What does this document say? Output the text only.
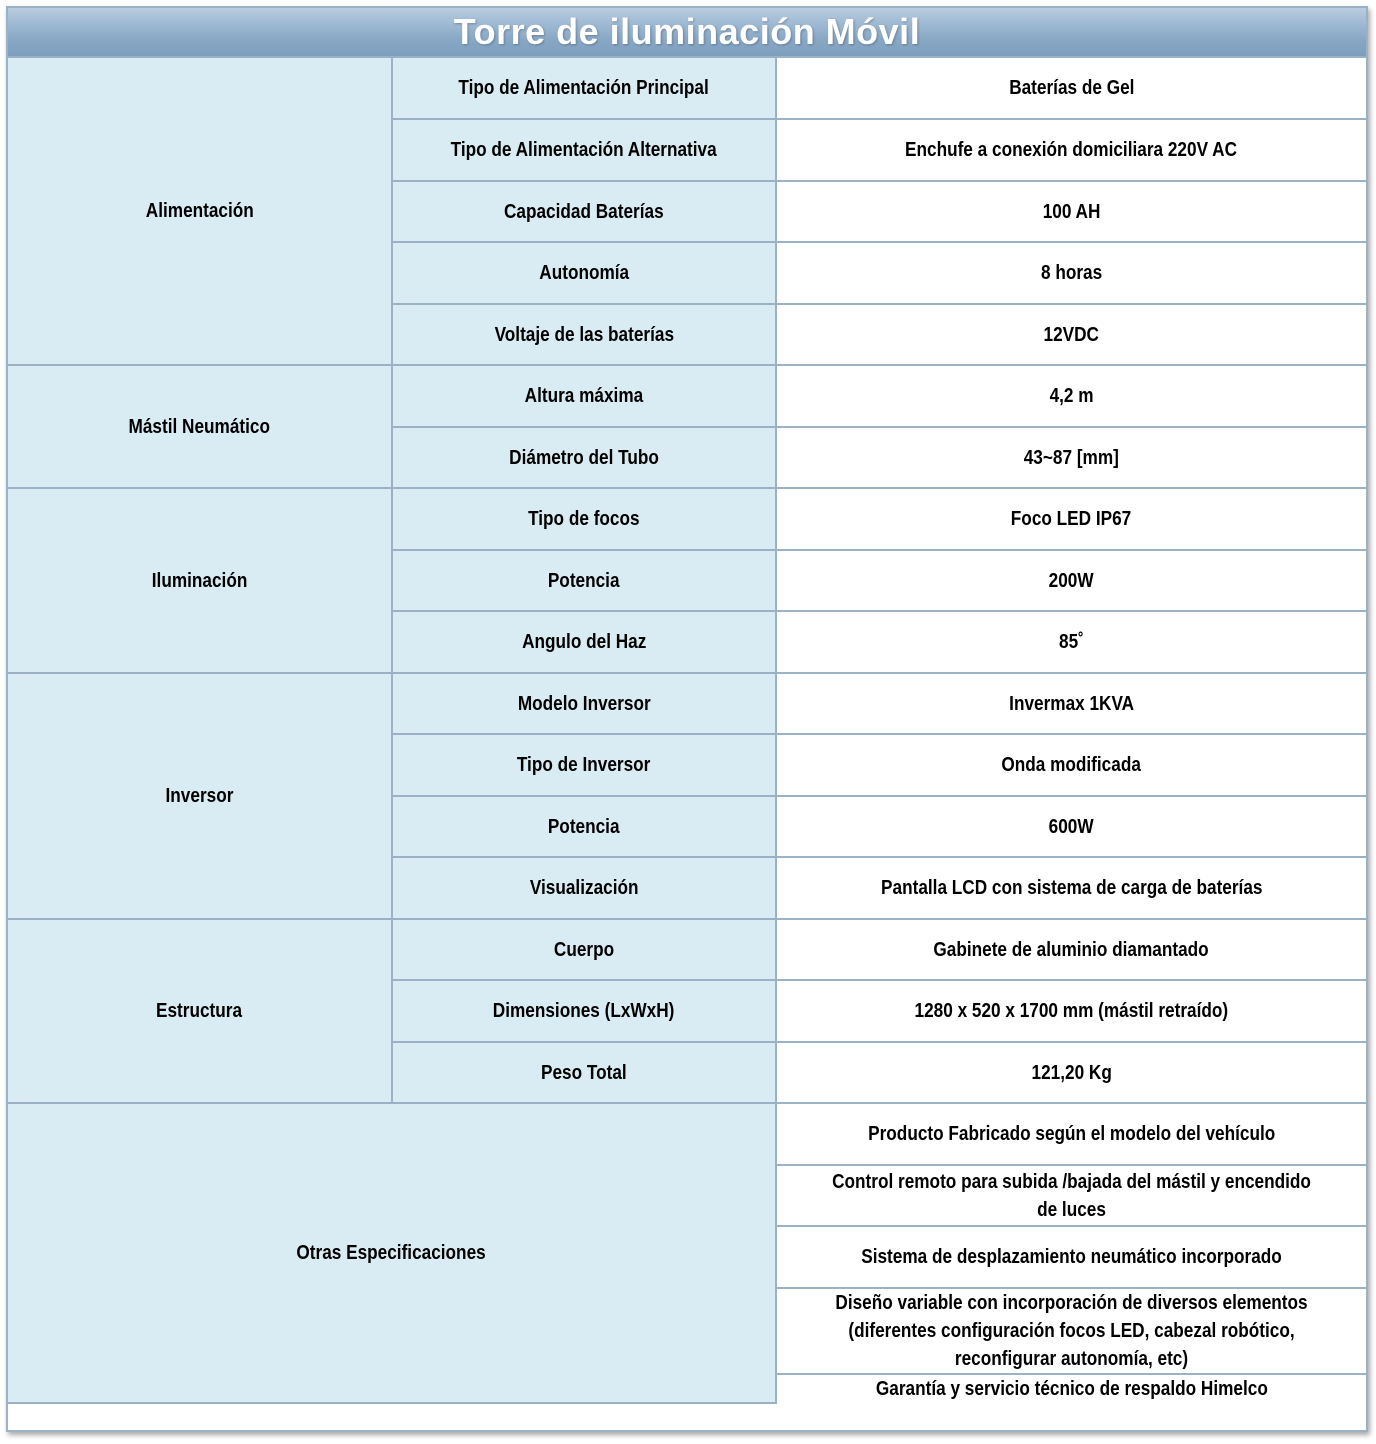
Torre de iluminación Móvil
Alimentación	Tipo de Alimentación Principal	Baterías de Gel
	Tipo de Alimentación Alternativa	Enchufe a conexión domiciliara 220V AC
	Capacidad Baterías	100 AH
	Autonomía	8 horas
	Voltaje de las baterías	12VDC
Mástil Neumático	Altura máxima	4,2 m
	Diámetro del Tubo	43~87 [mm]
Iluminación	Tipo de focos	Foco LED IP67
	Potencia	200W
	Angulo del Haz	85˚
Inversor	Modelo Inversor	Invermax 1KVA
	Tipo de Inversor	Onda modificada
	Potencia	600W
	Visualización	Pantalla LCD con sistema de carga de baterías
Estructura	Cuerpo	Gabinete de aluminio diamantado
	Dimensiones (LxWxH)	1280 x 520 x 1700 mm (mástil retraído)
	Peso Total	121,20 Kg
Otras Especificaciones		Producto Fabricado según el modelo del vehículo
		Control remoto para subida /bajada del mástil y encendido de luces
		Sistema de desplazamiento neumático incorporado
		Diseño variable con incorporación de diversos elementos (diferentes configuración focos LED, cabezal robótico, reconfigurar autonomía, etc)
		Garantía y servicio técnico de respaldo Himelco
